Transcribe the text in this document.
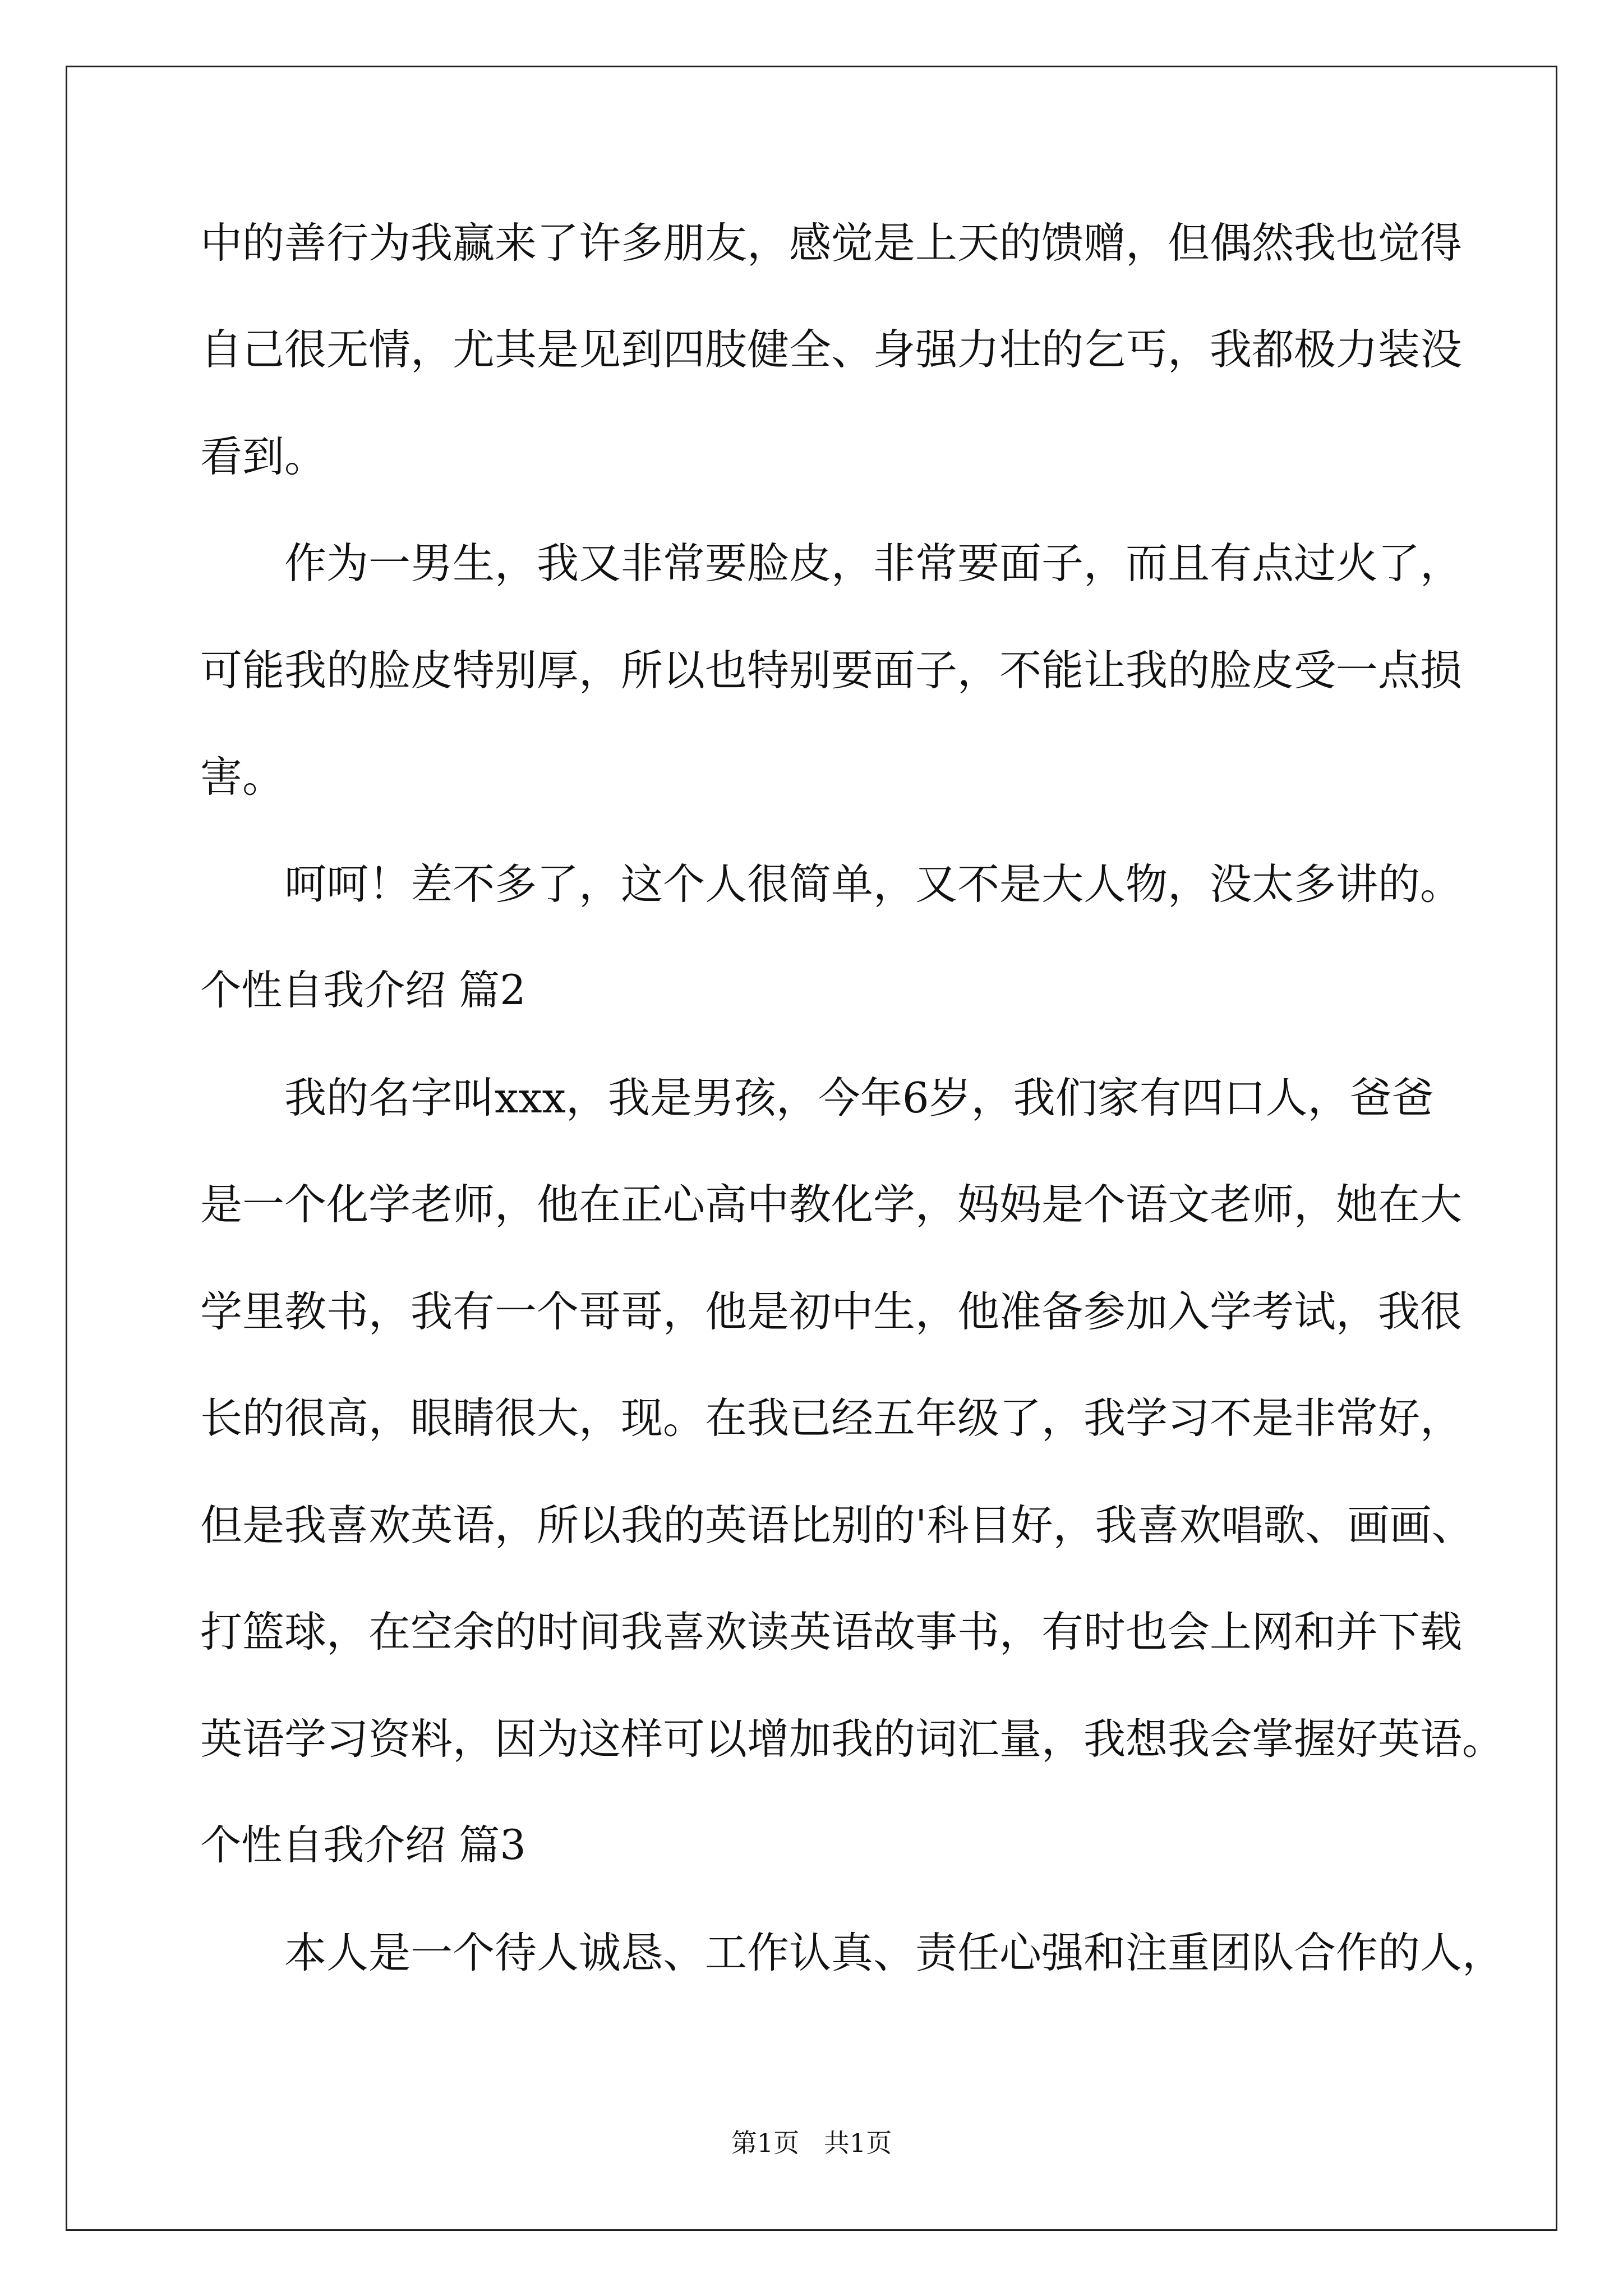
中的善行为我赢来了许多朋友，感觉是上天的馈赠，但偶然我也觉得
自己很无情，尤其是见到四肢健全、身强力壮的乞丐，我都极力装没
看到。
作为一男生，我又非常要脸皮，非常要面子，而且有点过火了，
可能我的脸皮特别厚，所以也特别要面子，不能让我的脸皮受一点损
害。
呵呵！差不多了，这个人很简单，又不是大人物，没太多讲的。
个性自我介绍 篇2
我的名字叫xxx，我是男孩，今年6岁，我们家有四口人，爸爸
是一个化学老师，他在正心高中教化学，妈妈是个语文老师，她在大
学里教书，我有一个哥哥，他是初中生，他准备参加入学考试，我很
长的很高，眼睛很大，现。在我已经五年级了，我学习不是非常好，
但是我喜欢英语，所以我的英语比别的'科目好，我喜欢唱歌、画画、
打篮球，在空余的时间我喜欢读英语故事书，有时也会上网和并下载
英语学习资料，因为这样可以增加我的词汇量，我想我会掌握好英语。
个性自我介绍 篇3
本人是一个待人诚恳、工作认真、责任心强和注重团队合作的人，
第1页   共1页
